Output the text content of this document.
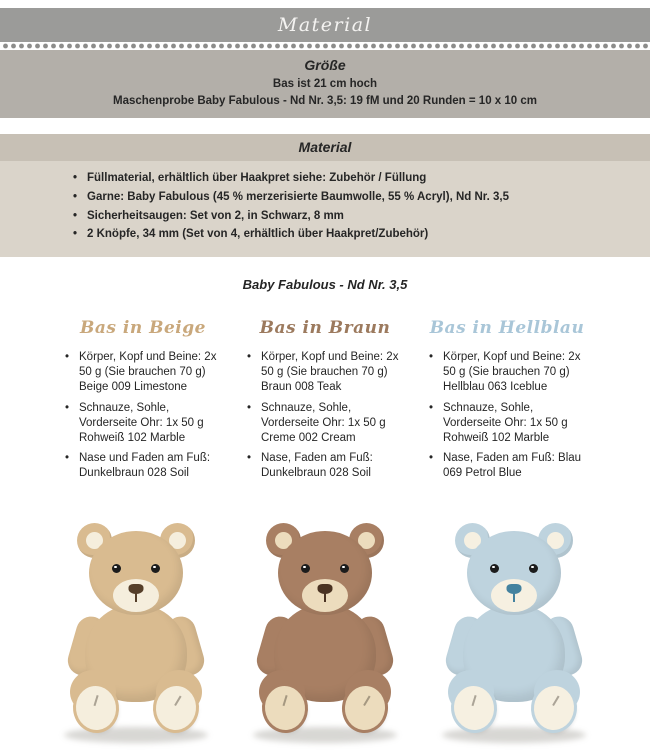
Material
Größe

Bas ist 21 cm hoch

Maschenprobe Baby Fabulous - Nd Nr. 3,5: 19 fM und 20 Runden = 10 x 10 cm

Material
• Füllmaterial, erhältlich über Haakpret siehe: Zubehör / Füllung
• Garne: Baby Fabulous (45 % merzerisierte Baumwolle, 55 % Acryl), Nd Nr. 3,5
• Sicherheitsaugen: Set von 2, in Schwarz, 8 mm
• 2 Knöpfe, 34 mm (Set von 4, erhältlich über Haakpret/Zubehör)

Baby Fabulous - Nd Nr. 3,5

Bas in Beige
• Körper, Kopf und Beine: 2x 50 g (Sie brauchen 70 g) Beige 009 Limestone
• Schnauze, Sohle, Vorderseite Ohr: 1x 50 g Rohweiß 102 Marble
• Nase und Faden am Fuß: Dunkelbraun 028 Soil
Bas in Braun
• Körper, Kopf und Beine: 2x 50 g (Sie brauchen 70 g) Braun 008 Teak
• Schnauze, Sohle, Vorderseite Ohr: 1x 50 g Creme 002 Cream
• Nase, Faden am Fuß: Dunkelbraun 028 Soil
Bas in Hellblau
• Körper, Kopf und Beine: 2x 50 g (Sie brauchen 70 g) Hellblau 063 Iceblue
• Schnauze, Sohle, Vorderseite Ohr: 1x 50 g Rohweiß 102 Marble
• Nase, Faden am Fuß: Blau 069 Petrol Blue
